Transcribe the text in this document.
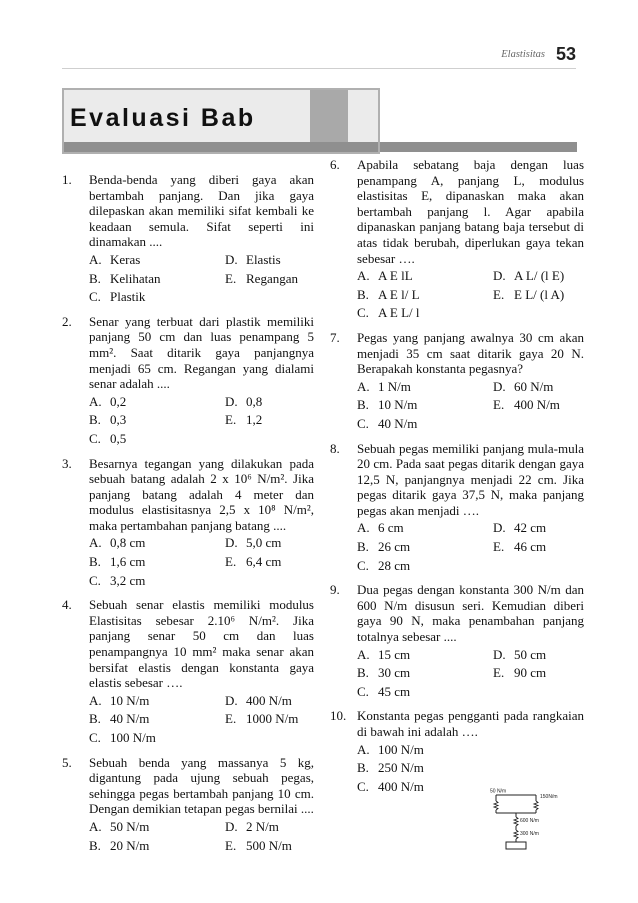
Elastisitas 53
Evaluasi Bab
1.	Benda-benda yang diberi gaya akan bertambah panjang. Dan jika gaya dilepaskan akan memiliki sifat kembali ke keadaan semula. Sifat seperti ini dinamakan ....
A. Keras	D. Elastis
B. Kelihatan	E. Regangan
C. Plastik
2.	Senar yang terbuat dari plastik memiliki panjang 50 cm dan luas penampang 5 mm². Saat ditarik gaya panjangnya menjadi 65 cm. Regangan yang dialami senar adalah ....
A. 0,2	D. 0,8
B. 0,3	E. 1,2
C. 0,5
3.	Besarnya tegangan yang dilakukan pada sebuah batang adalah 2 x 10⁶ N/m². Jika panjang batang adalah 4 meter dan modulus elastisitasnya 2,5 x 10⁸ N/m², maka pertambahan panjang batang ....
A. 0,8 cm	D. 5,0 cm
B. 1,6 cm	E. 6,4 cm
C. 3,2 cm
4.	Sebuah senar elastis memiliki modulus Elastisitas sebesar 2.10⁶ N/m². Jika panjang senar 50 cm dan luas penampangnya 10 mm² maka senar akan bersifat elastis dengan konstanta gaya elastis sebesar ….
A. 10 N/m	D. 400 N/m
B. 40 N/m	E. 1000 N/m
C. 100 N/m
5.	Sebuah benda yang massanya 5 kg, digantung pada ujung sebuah pegas, sehingga pegas bertambah panjang 10 cm. Dengan demikian tetapan pegas bernilai ....
A. 50 N/m	D. 2 N/m
B. 20 N/m	E. 500 N/m
6.	Apabila sebatang baja dengan luas penampang A, panjang L, modulus elastisitas E, dipanaskan maka akan bertambah panjang l. Agar apabila dipanaskan panjang batang baja tersebut di atas tidak berubah, diperlukan gaya tekan sebesar ….
A. A E lL	D. A L/ (l E)
B. A E l/ L	E. E L/ (l A)
C. A E L/ l
7.	Pegas yang panjang awalnya 30 cm akan menjadi 35 cm saat ditarik gaya 20 N. Berapakah konstanta pegasnya?
A. 1 N/m	D. 60 N/m
B. 10 N/m	E. 400 N/m
C. 40 N/m
8.	Sebuah pegas memiliki panjang mula-mula 20 cm. Pada saat pegas ditarik dengan gaya 12,5 N, panjangnya menjadi 22 cm. Jika pegas ditarik gaya 37,5 N, maka panjang pegas akan menjadi ….
A. 6 cm	D. 42 cm
B. 26 cm	E. 46 cm
C. 28 cm
9.	Dua pegas dengan konstanta 300 N/m dan 600 N/m disusun seri. Kemudian diberi gaya 90 N, maka penambahan panjang totalnya sebesar ....
A. 15 cm	D. 50 cm
B. 30 cm	E. 90 cm
C. 45 cm
10. Konstanta pegas pengganti pada rangkaian di bawah ini adalah ….
A. 100 N/m
B. 250 N/m
C. 400 N/m	50 N/m
150N/m
600 N/m
300 N/m
